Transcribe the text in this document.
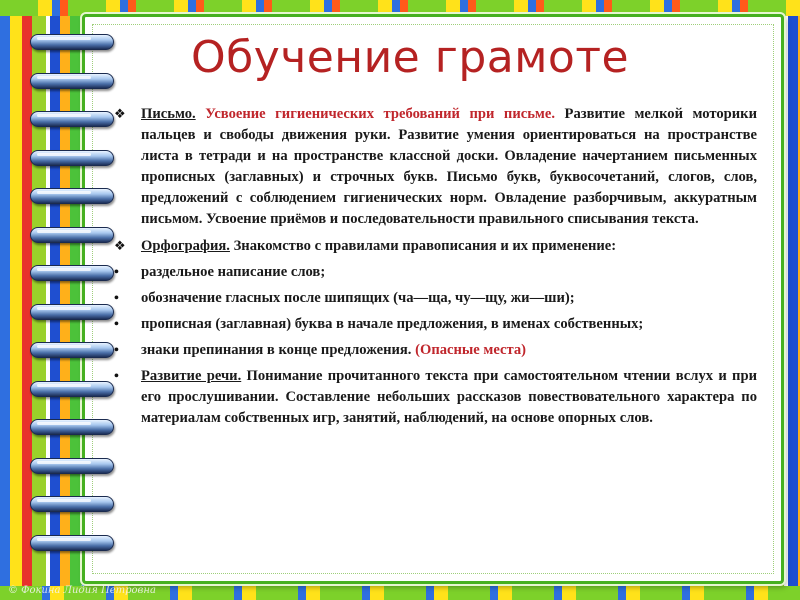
Обучение грамоте
❖ Письмо. Усвоение гигиенических требований при письме. Развитие мелкой моторики пальцев и свободы движения руки. Развитие умения ориентироваться на пространстве листа в тетради и на пространстве классной доски. Овладение начертанием письменных прописных (заглавных) и строчных букв. Письмо букв, буквосочетаний, слогов, слов, предложений с соблюдением гигиенических норм. Овладение разборчивым, аккуратным письмом. Усвоение приёмов и последовательности правильного списывания текста.
❖ Орфография. Знакомство с правилами правописания и их применение:
• раздельное написание слов;
• обозначение гласных после шипящих (ча—ща, чу—щу, жи—ши);
• прописная (заглавная) буква в начале предложения, в именах собственных;
• знаки препинания в конце предложения. (Опасные места)
• Развитие речи. Понимание прочитанного текста при самостоятельном чтении вслух и при его прослушивании. Составление небольших рассказов повествовательного характера по материалам собственных игр, занятий, наблюдений, на основе опорных слов.
© Фокина Лидия Петровна
